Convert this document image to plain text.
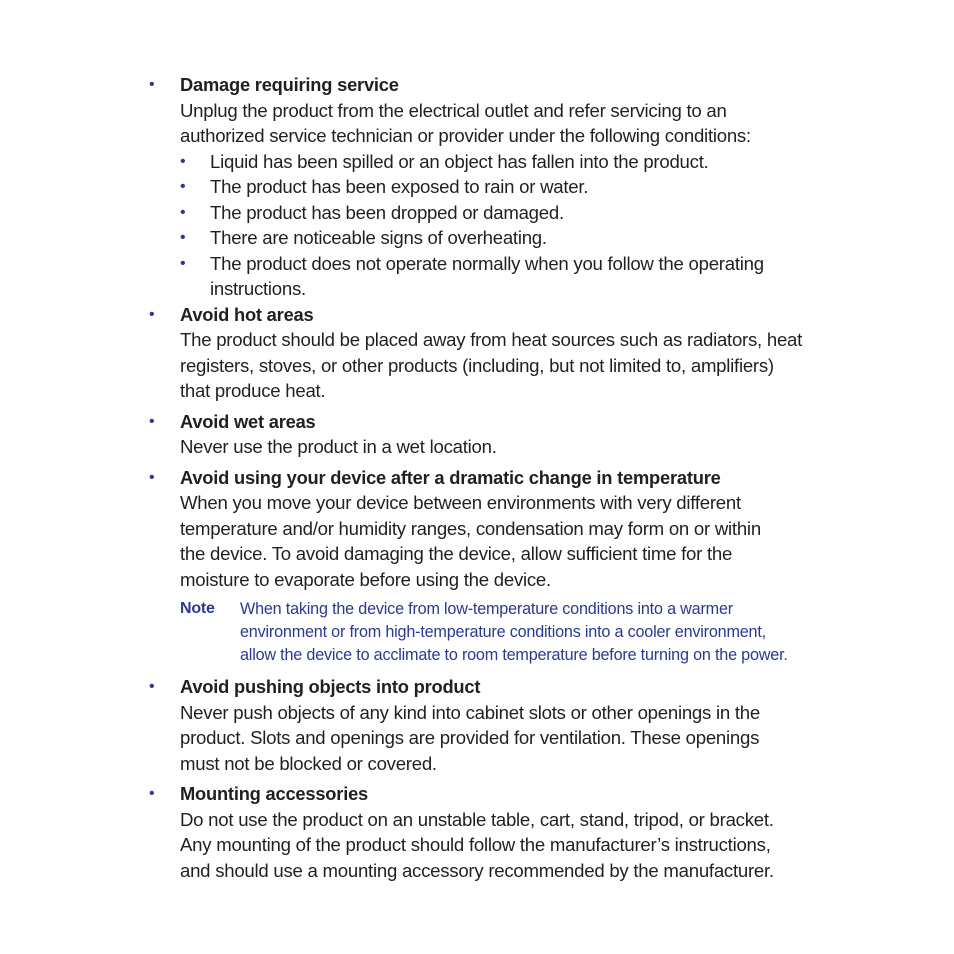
• Damage requiring service
Unplug the product from the electrical outlet and refer servicing to an
authorized service technician or provider under the following conditions:
• Liquid has been spilled or an object has fallen into the product.
• The product has been exposed to rain or water.
• The product has been dropped or damaged.
• There are noticeable signs of overheating.
• The product does not operate normally when you follow the operating
instructions.
• Avoid hot areas
The product should be placed away from heat sources such as radiators, heat
registers, stoves, or other products (including, but not limited to, amplifiers)
that produce heat.
• Avoid wet areas
Never use the product in a wet location.
• Avoid using your device after a dramatic change in temperature
When you move your device between environments with very different
temperature and/or humidity ranges, condensation may form on or within
the device. To avoid damaging the device, allow sufficient time for the
moisture to evaporate before using the device.
Note When taking the device from low-temperature conditions into a warmer
environment or from high-temperature conditions into a cooler environment,
allow the device to acclimate to room temperature before turning on the power.
• Avoid pushing objects into product
Never push objects of any kind into cabinet slots or other openings in the
product. Slots and openings are provided for ventilation. These openings
must not be blocked or covered.
• Mounting accessories
Do not use the product on an unstable table, cart, stand, tripod, or bracket.
Any mounting of the product should follow the manufacturer’s instructions,
and should use a mounting accessory recommended by the manufacturer.
